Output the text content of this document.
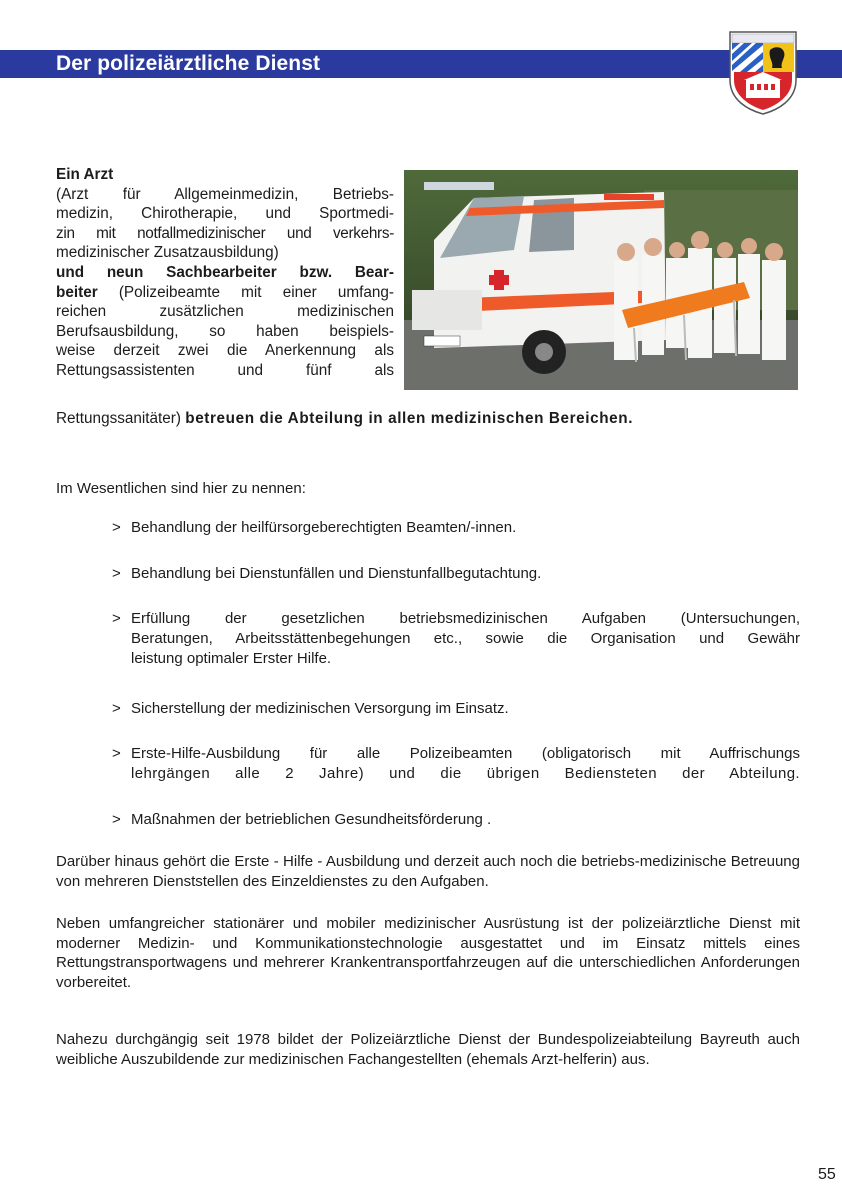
Der polizeiärztliche Dienst

Ein Arzt

(Arzt für Allgemeinmedizin, Betriebs-

medizin, Chirotherapie, und Sportmedi-

zin mit notfallmedizinischer und verkehrs-

medizinischer Zusatzausbildung)

und neun Sachbearbeiter bzw. Bear-

beiter (Polizeibeamte mit einer umfang-

reichen zusätzlichen medizinischen

Berufsausbildung, so haben beispiels-

weise derzeit zwei die Anerkennung als

Rettungsassistenten und fünf als

Rettungssanitäter) betreuen die Abteilung in allen medizinischen Bereichen.
Im Wesentlichen sind hier zu nennen:
> Behandlung der heilfürsorgeberechtigten Beamten/-innen.
> Behandlung bei Dienstunfällen und Dienstunfallbegutachtung.
> Erfüllung der gesetzlichen betriebsmedizinischen Aufgaben (Untersuchungen,
Beratungen, Arbeitsstättenbegehungen etc., sowie die Organisation und Gewähr
leistung optimaler Erster Hilfe.
> Sicherstellung der medizinischen Versorgung im Einsatz.
> Erste-Hilfe-Ausbildung für alle Polizeibeamten (obligatorisch mit Auffrischungs
lehrgängen alle 2 Jahre) und die übrigen Bediensteten der Abteilung.
> Maßnahmen der betrieblichen Gesundheitsförderung .
Darüber hinaus gehört die Erste - Hilfe - Ausbildung und derzeit auch noch die betriebs-medizinische Betreuung von mehreren Dienststellen des Einzeldienstes zu den Aufgaben.
Neben umfangreicher stationärer und mobiler medizinischer Ausrüstung ist der polizeiärztliche Dienst mit moderner Medizin- und Kommunikationstechnologie ausgestattet und im Einsatz mittels eines Rettungstransportwagens und mehrerer Krankentransportfahrzeugen auf die unterschiedlichen Anforderungen vorbereitet.
Nahezu durchgängig seit 1978 bildet der Polizeiärztliche Dienst der Bundespolizeiabteilung Bayreuth auch weibliche Auszubildende zur medizinischen Fachangestellten (ehemals Arzt-helferin) aus.
55
